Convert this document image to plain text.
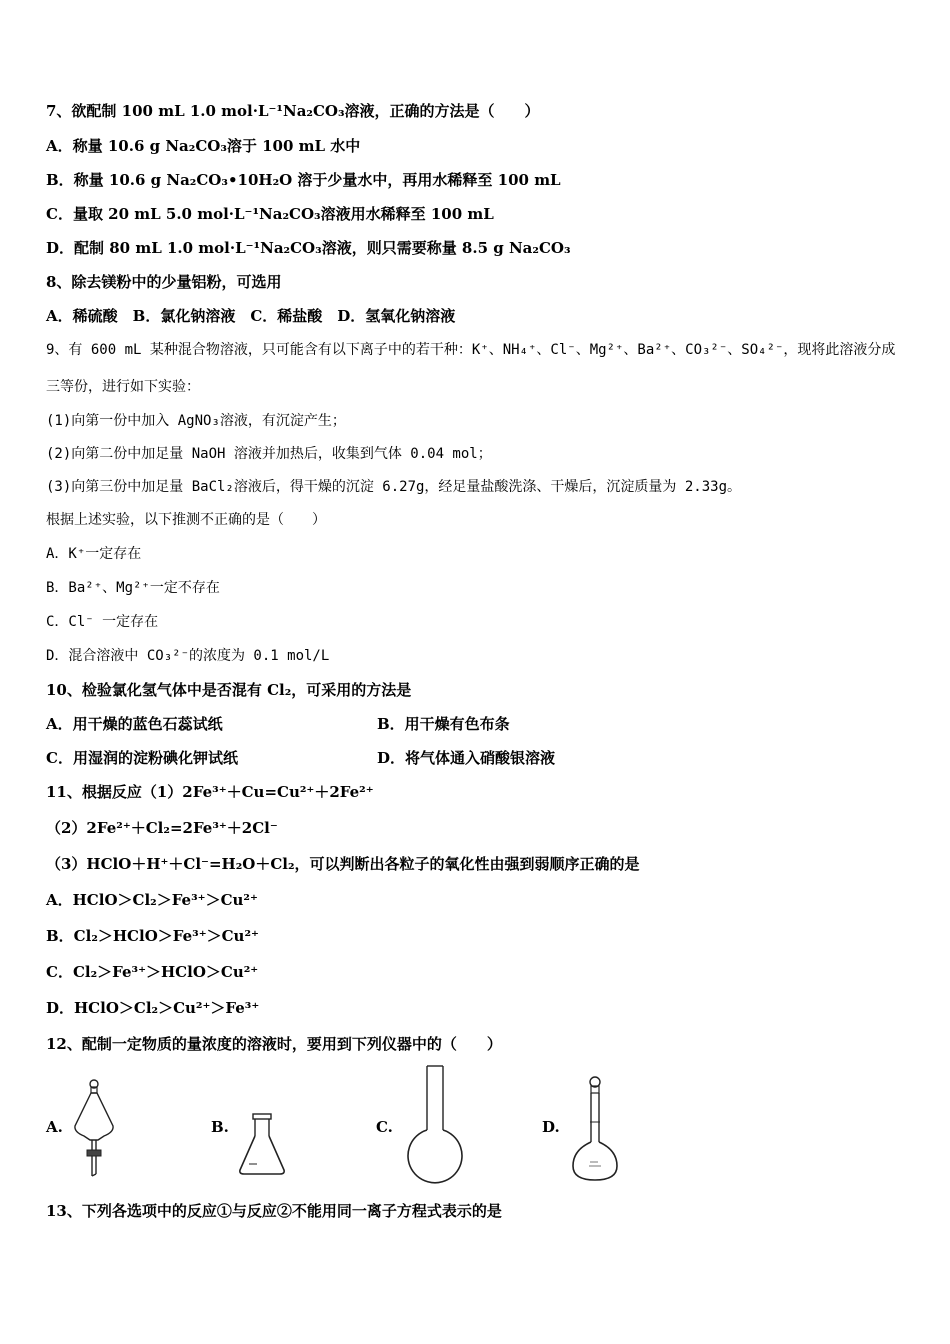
7、欲配制 100 mL 1.0 mol·L⁻¹Na₂CO₃溶液，正确的方法是（　　）
A．称量 10.6 g Na₂CO₃溶于 100 mL 水中
B．称量 10.6 g Na₂CO₃•10H₂O 溶于少量水中，再用水稀释至 100 mL
C．量取 20 mL 5.0 mol·L⁻¹Na₂CO₃溶液用水稀释至 100 mL
D．配制 80 mL 1.0 mol·L⁻¹Na₂CO₃溶液，则只需要称量 8.5 g Na₂CO₃
8、除去镁粉中的少量铝粉，可选用
A．稀硫酸　B．氯化钠溶液　C．稀盐酸　D．氢氧化钠溶液
9、有 600 mL 某种混合物溶液，只可能含有以下离子中的若干种：K⁺、NH₄⁺、Cl⁻、Mg²⁺、Ba²⁺、CO₃²⁻、SO₄²⁻，现将此溶液分成
三等份，进行如下实验：
(1)向第一份中加入 AgNO₃溶液，有沉淀产生；
(2)向第二份中加足量 NaOH 溶液并加热后，收集到气体 0.04 mol；
(3)向第三份中加足量 BaCl₂溶液后，得干燥的沉淀 6.27g，经足量盐酸洗涤、干燥后，沉淀质量为 2.33g。
根据上述实验，以下推测不正确的是（　　）
A．K⁺一定存在
B．Ba²⁺、Mg²⁺一定不存在
C．Cl⁻ 一定存在
D．混合溶液中 CO₃²⁻的浓度为 0.1 mol/L
10、检验氯化氢气体中是否混有 Cl₂，可采用的方法是
A．用干燥的蓝色石蕊试纸	B．用干燥有色布条
C．用湿润的淀粉碘化钾试纸	D．将气体通入硝酸银溶液
11、根据反应（1）2Fe³⁺＋Cu=Cu²⁺＋2Fe²⁺
（2）2Fe²⁺＋Cl₂=2Fe³⁺＋2Cl⁻
（3）HClO＋H⁺＋Cl⁻=H₂O＋Cl₂，可以判断出各粒子的氧化性由强到弱顺序正确的是
A．HClO＞Cl₂＞Fe³⁺＞Cu²⁺
B．Cl₂＞HClO＞Fe³⁺＞Cu²⁺
C．Cl₂＞Fe³⁺＞HClO＞Cu²⁺
D．HClO＞Cl₂＞Cu²⁺＞Fe³⁺
12、配制一定物质的量浓度的溶液时，要用到下列仪器中的（　　）
A.	B.	C.	D.
13、下列各选项中的反应①与反应②不能用同一离子方程式表示的是
